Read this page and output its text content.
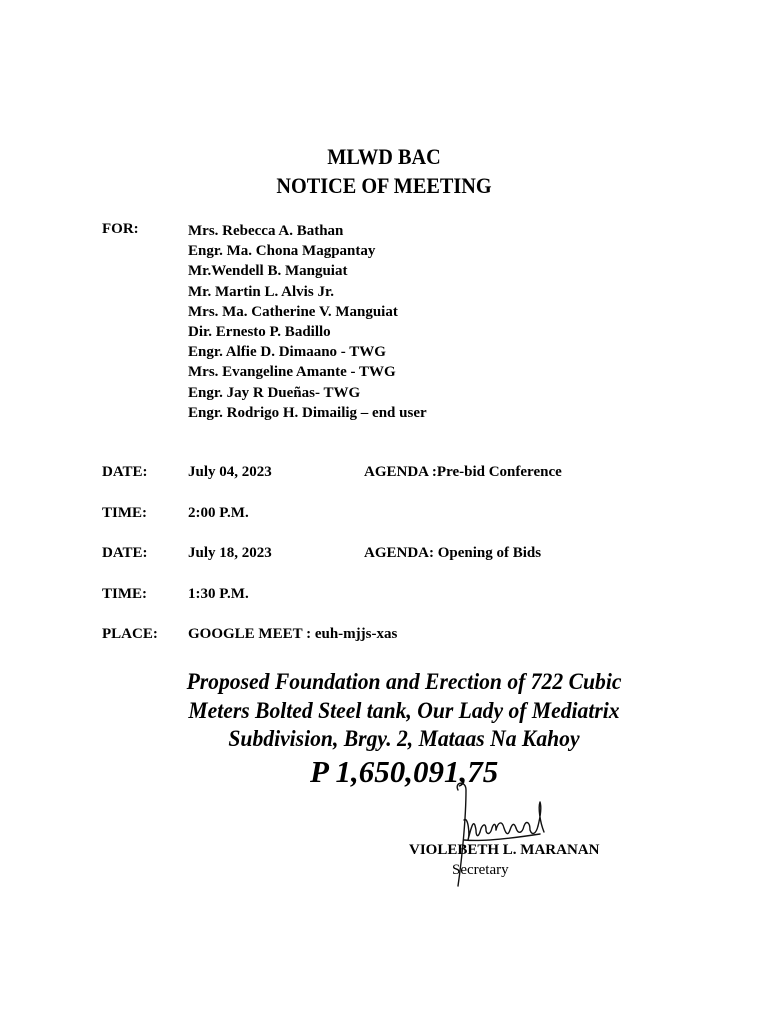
MLWD BAC
NOTICE OF MEETING
FOR:	Mrs. Rebecca A. Bathan
Engr. Ma. Chona Magpantay
Mr.Wendell B. Manguiat
Mr. Martin L. Alvis Jr.
Mrs. Ma. Catherine V. Manguiat
Dir. Ernesto P. Badillo
Engr. Alfie D. Dimaano - TWG
Mrs. Evangeline Amante - TWG
Engr. Jay R Dueñas- TWG
Engr. Rodrigo H. Dimailig – end user
DATE:	July 04, 2023	AGENDA :Pre-bid Conference
TIME:	2:00 P.M.
DATE:	July 18, 2023	AGENDA: Opening of Bids
TIME:	1:30 P.M.
PLACE: GOOGLE MEET : euh-mjjs-xas
Proposed Foundation and Erection of 722 Cubic
Meters Bolted Steel tank, Our Lady of Mediatrix
Subdivision, Brgy. 2, Mataas Na Kahoy
P 1,650,091,75
VIOLEBETH L. MARANAN
Secretary
